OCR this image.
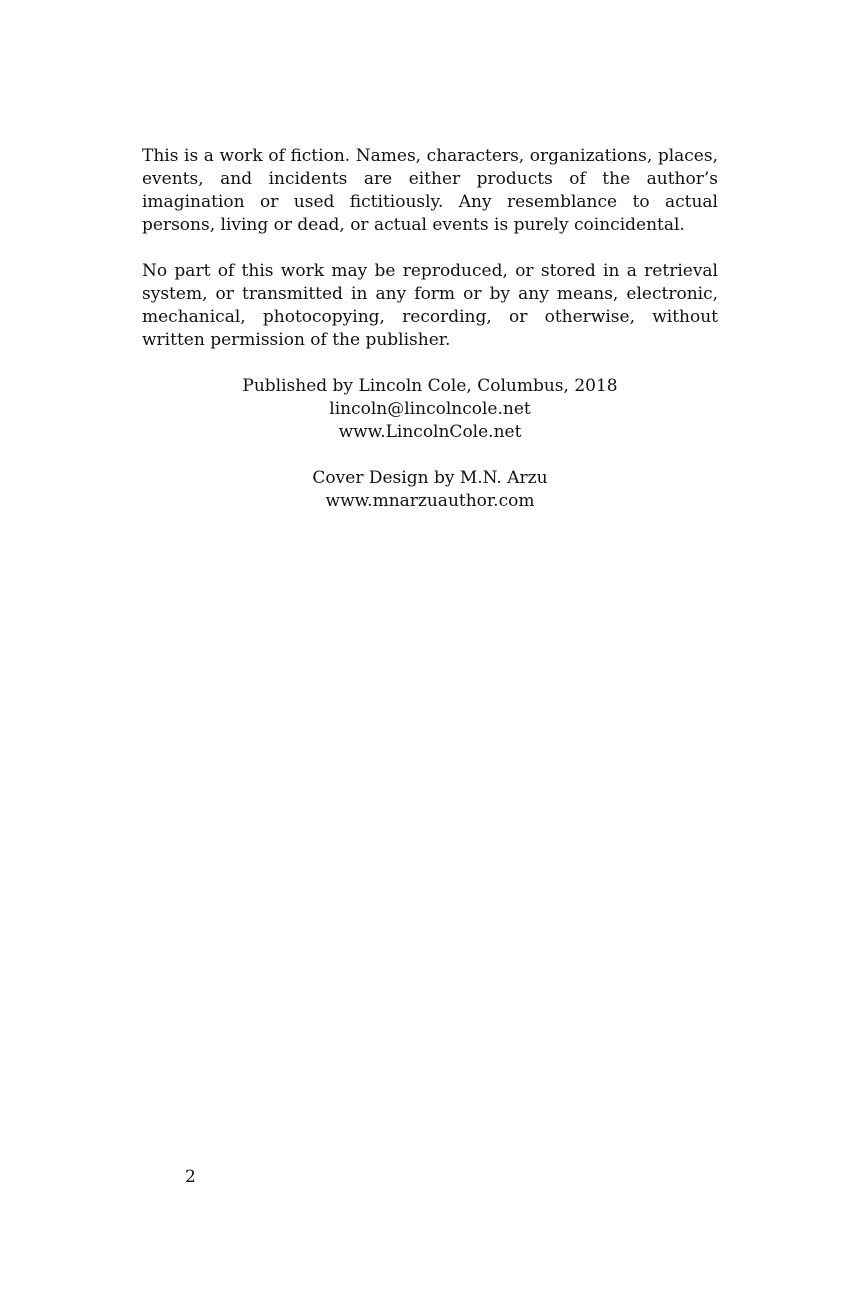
This is a work of fiction. Names, characters, organizations, places, events, and incidents are either products of the author’s imagination or used fictitiously. Any resemblance to actual persons, living or dead, or actual events is purely coincidental.

No part of this work may be reproduced, or stored in a retrieval system, or transmitted in any form or by any means, electronic, mechanical, photocopying, recording, or otherwise, without written permission of the publisher.

Published by Lincoln Cole, Columbus, 2018
lincoln@lincolncole.net
www.LincolnCole.net
Cover Design by M.N. Arzu
www.mnarzuauthor.com
2
